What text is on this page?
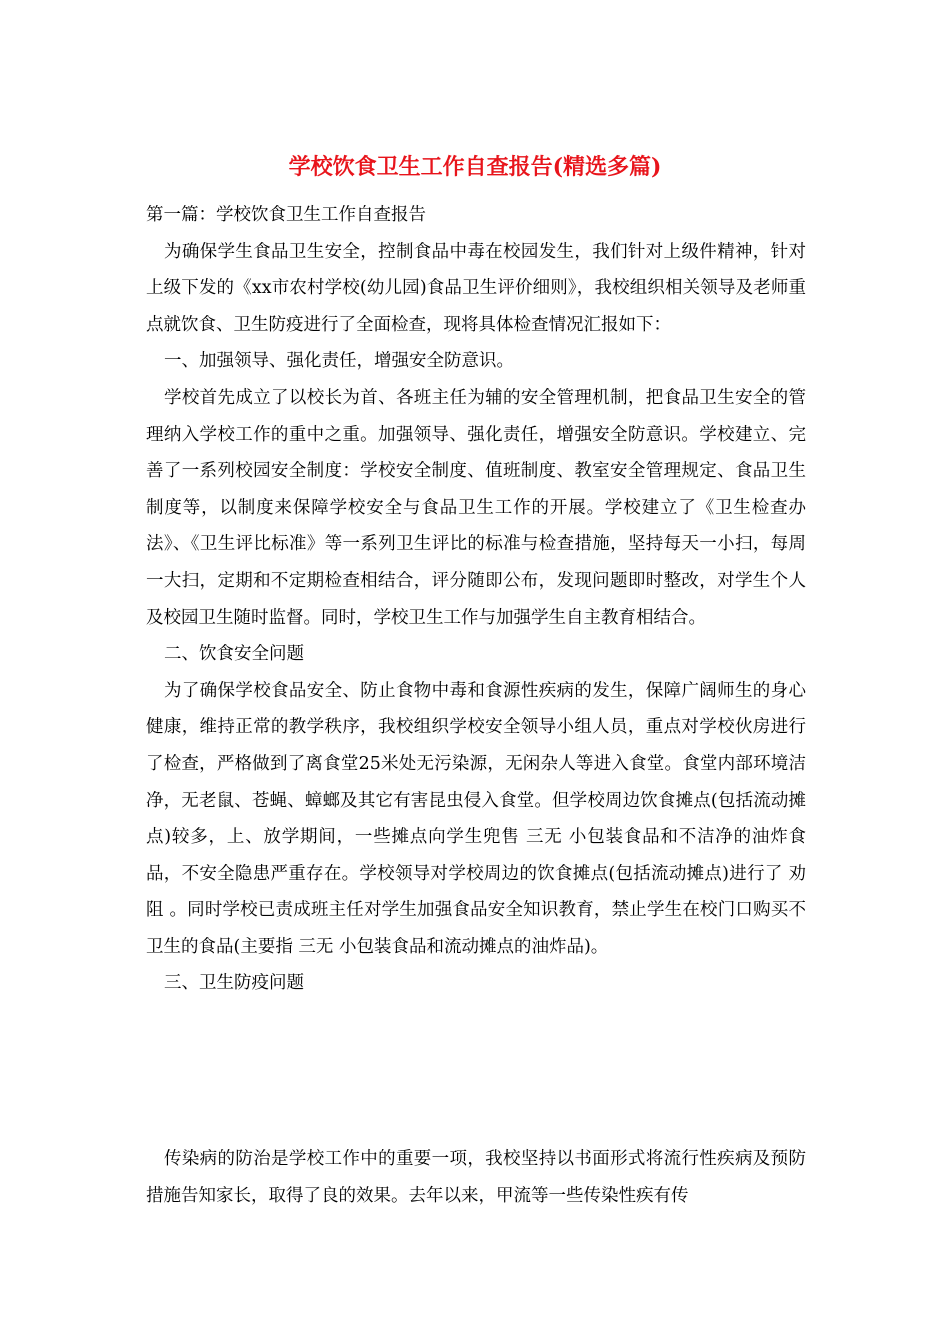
学校饮食卫生工作自查报告(精选多篇)

第一篇：学校饮食卫生工作自查报告

为确保学生食品卫生安全，控制食品中毒在校园发生，我们针对上级件精神，针对上级下发的《xx市农村学校(幼儿园)食品卫生评价细则》，我校组织相关领导及老师重点就饮食、卫生防疫进行了全面检查，现将具体检查情况汇报如下：

一、加强领导、强化责任，增强安全防意识。

学校首先成立了以校长为首、各班主任为辅的安全管理机制，把食品卫生安全的管理纳入学校工作的重中之重。加强领导、强化责任，增强安全防意识。学校建立、完善了一系列校园安全制度：学校安全制度、值班制度、教室安全管理规定、食品卫生制度等，以制度来保障学校安全与食品卫生工作的开展。学校建立了《卫生检查办法》、《卫生评比标准》等一系列卫生评比的标准与检查措施，坚持每天一小扫，每周一大扫，定期和不定期检查相结合，评分随即公布，发现问题即时整改，对学生个人及校园卫生随时监督。同时，学校卫生工作与加强学生自主教育相结合。

二、饮食安全问题

为了确保学校食品安全、防止食物中毒和食源性疾病的发生，保障广阔师生的身心健康，维持正常的教学秩序，我校组织学校安全领导小组人员，重点对学校伙房进行了检查，严格做到了离食堂25米处无污染源，无闲杂人等进入食堂。食堂内部环境洁净，无老鼠、苍蝇、蟑螂及其它有害昆虫侵入食堂。但学校周边饮食摊点(包括流动摊点)较多，上、放学期间，一些摊点向学生兜售 三无 小包装食品和不洁净的油炸食品，不安全隐患严重存在。学校领导对学校周边的饮食摊点(包括流动摊点)进行了 劝阻 。同时学校已责成班主任对学生加强食品安全知识教育，禁止学生在校门口购买不卫生的食品(主要指 三无 小包装食品和流动摊点的油炸品)。

三、卫生防疫问题

传染病的防治是学校工作中的重要一项，我校坚持以书面形式将流行性疾病及预防措施告知家长，取得了良的效果。去年以来，甲流等一些传染性疾有传
